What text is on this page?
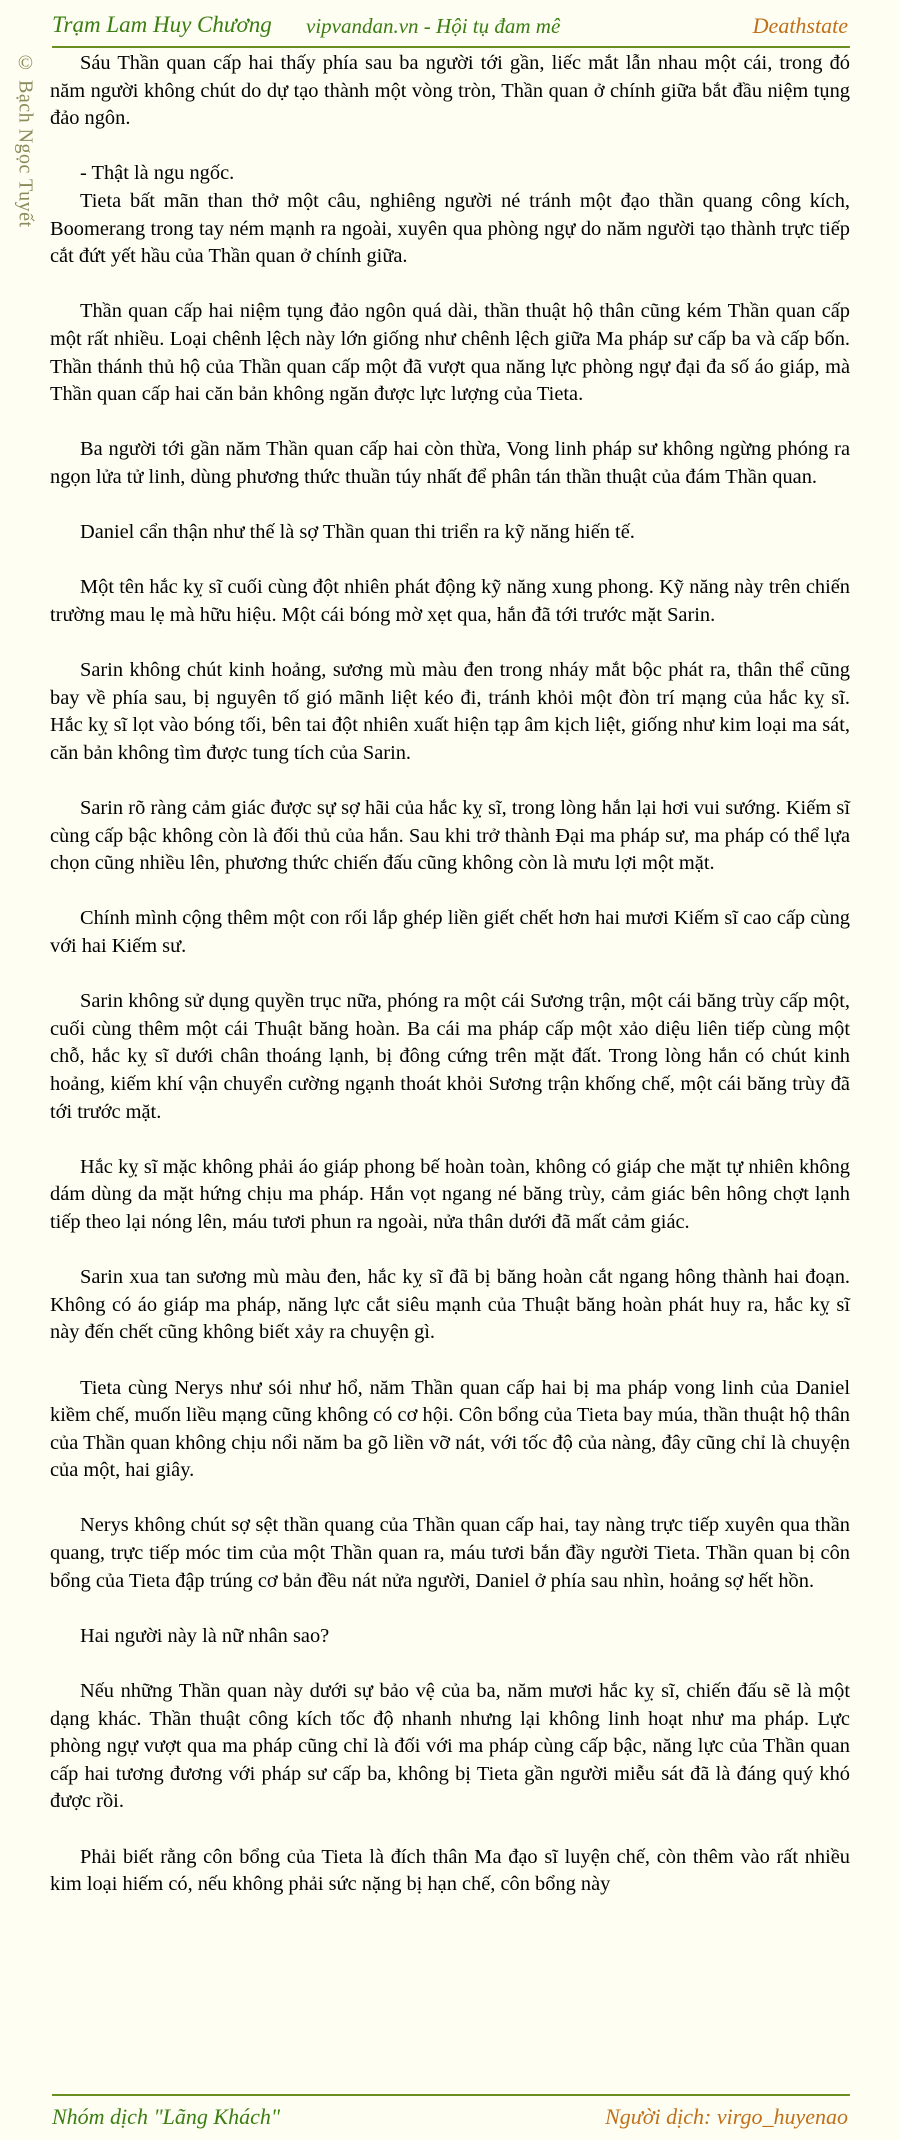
Trạm Lam Huy Chương vipvandan.vn - Hội tụ đam mê	Deathstate
© Bạch Ngọc Tuyết	Sáu Thần quan cấp hai thấy phía sau ba người tới gần, liếc mắt lẫn nhau một cái, trong đó năm người không chút do dự tạo thành một vòng tròn, Thần quan ở chính giữa bắt đầu niệm tụng đảo ngôn.

- Thật là ngu ngốc.

Tieta bất mãn than thở một câu, nghiêng người né tránh một đạo thần quang công kích, Boomerang trong tay ném mạnh ra ngoài, xuyên qua phòng ngự do năm người tạo thành trực tiếp cắt đứt yết hầu của Thần quan ở chính giữa.

Thần quan cấp hai niệm tụng đảo ngôn quá dài, thần thuật hộ thân cũng kém Thần quan cấp một rất nhiều. Loại chênh lệch này lớn giống như chênh lệch giữa Ma pháp sư cấp ba và cấp bốn. Thần thánh thủ hộ của Thần quan cấp một đã vượt qua năng lực phòng ngự đại đa số áo giáp, mà Thần quan cấp hai căn bản không ngăn được lực lượng của Tieta.

Ba người tới gần năm Thần quan cấp hai còn thừa, Vong linh pháp sư không ngừng phóng ra ngọn lửa tử linh, dùng phương thức thuần túy nhất để phân tán thần thuật của đám Thần quan.

Daniel cẩn thận như thế là sợ Thần quan thi triển ra kỹ năng hiến tế.

Một tên hắc kỵ sĩ cuối cùng đột nhiên phát động kỹ năng xung phong. Kỹ năng này trên chiến trường mau lẹ mà hữu hiệu. Một cái bóng mờ xẹt qua, hắn đã tới trước mặt Sarin.

Sarin không chút kinh hoảng, sương mù màu đen trong nháy mắt bộc phát ra, thân thể cũng bay về phía sau, bị nguyên tố gió mãnh liệt kéo đi, tránh khỏi một đòn trí mạng của hắc kỵ sĩ. Hắc kỵ sĩ lọt vào bóng tối, bên tai đột nhiên xuất hiện tạp âm kịch liệt, giống như kim loại ma sát, căn bản không tìm được tung tích của Sarin.

Sarin rõ ràng cảm giác được sự sợ hãi của hắc kỵ sĩ, trong lòng hắn lại hơi vui sướng. Kiếm sĩ cùng cấp bậc không còn là đối thủ của hắn. Sau khi trở thành Đại ma pháp sư, ma pháp có thể lựa chọn cũng nhiều lên, phương thức chiến đấu cũng không còn là mưu lợi một mặt.

Chính mình cộng thêm một con rối lắp ghép liền giết chết hơn hai mươi Kiếm sĩ cao cấp cùng với hai Kiếm sư.

Sarin không sử dụng quyền trục nữa, phóng ra một cái Sương trận, một cái băng trùy cấp một, cuối cùng thêm một cái Thuật băng hoàn. Ba cái ma pháp cấp một xảo diệu liên tiếp cùng một chỗ, hắc kỵ sĩ dưới chân thoáng lạnh, bị đông cứng trên mặt đất. Trong lòng hắn có chút kinh hoảng, kiếm khí vận chuyển cường ngạnh thoát khỏi Sương trận khống chế, một cái băng trùy đã tới trước mặt.

Hắc kỵ sĩ mặc không phải áo giáp phong bế hoàn toàn, không có giáp che mặt tự nhiên không dám dùng da mặt hứng chịu ma pháp. Hắn vọt ngang né băng trùy, cảm giác bên hông chợt lạnh tiếp theo lại nóng lên, máu tươi phun ra ngoài, nửa thân dưới đã mất cảm giác.

Sarin xua tan sương mù màu đen, hắc kỵ sĩ đã bị băng hoàn cắt ngang hông thành hai đoạn. Không có áo giáp ma pháp, năng lực cắt siêu mạnh của Thuật băng hoàn phát huy ra, hắc kỵ sĩ này đến chết cũng không biết xảy ra chuyện gì.

Tieta cùng Nerys như sói như hổ, năm Thần quan cấp hai bị ma pháp vong linh của Daniel kiềm chế, muốn liều mạng cũng không có cơ hội. Côn bổng của Tieta bay múa, thần thuật hộ thân của Thần quan không chịu nổi năm ba gõ liền vỡ nát, với tốc độ của nàng, đây cũng chỉ là chuyện của một, hai giây.

Nerys không chút sợ sệt thần quang của Thần quan cấp hai, tay nàng trực tiếp xuyên qua thần quang, trực tiếp móc tim của một Thần quan ra, máu tươi bắn đầy người Tieta. Thần quan bị côn bổng của Tieta đập trúng cơ bản đều nát nửa người, Daniel ở phía sau nhìn, hoảng sợ hết hồn.

Hai người này là nữ nhân sao?

Nếu những Thần quan này dưới sự bảo vệ của ba, năm mươi hắc kỵ sĩ, chiến đấu sẽ là một dạng khác. Thần thuật công kích tốc độ nhanh nhưng lại không linh hoạt như ma pháp. Lực phòng ngự vượt qua ma pháp cũng chỉ là đối với ma pháp cùng cấp bậc, năng lực của Thần quan cấp hai tương đương với pháp sư cấp ba, không bị Tieta gần người miễu sát đã là đáng quý khó được rồi.

Phải biết rằng côn bổng của Tieta là đích thân Ma đạo sĩ luyện chế, còn thêm vào rất nhiều kim loại hiếm có, nếu không phải sức nặng bị hạn chế, côn bổng này

Nhóm dịch "Lãng Khách"	Người dịch: virgo_huyenao
